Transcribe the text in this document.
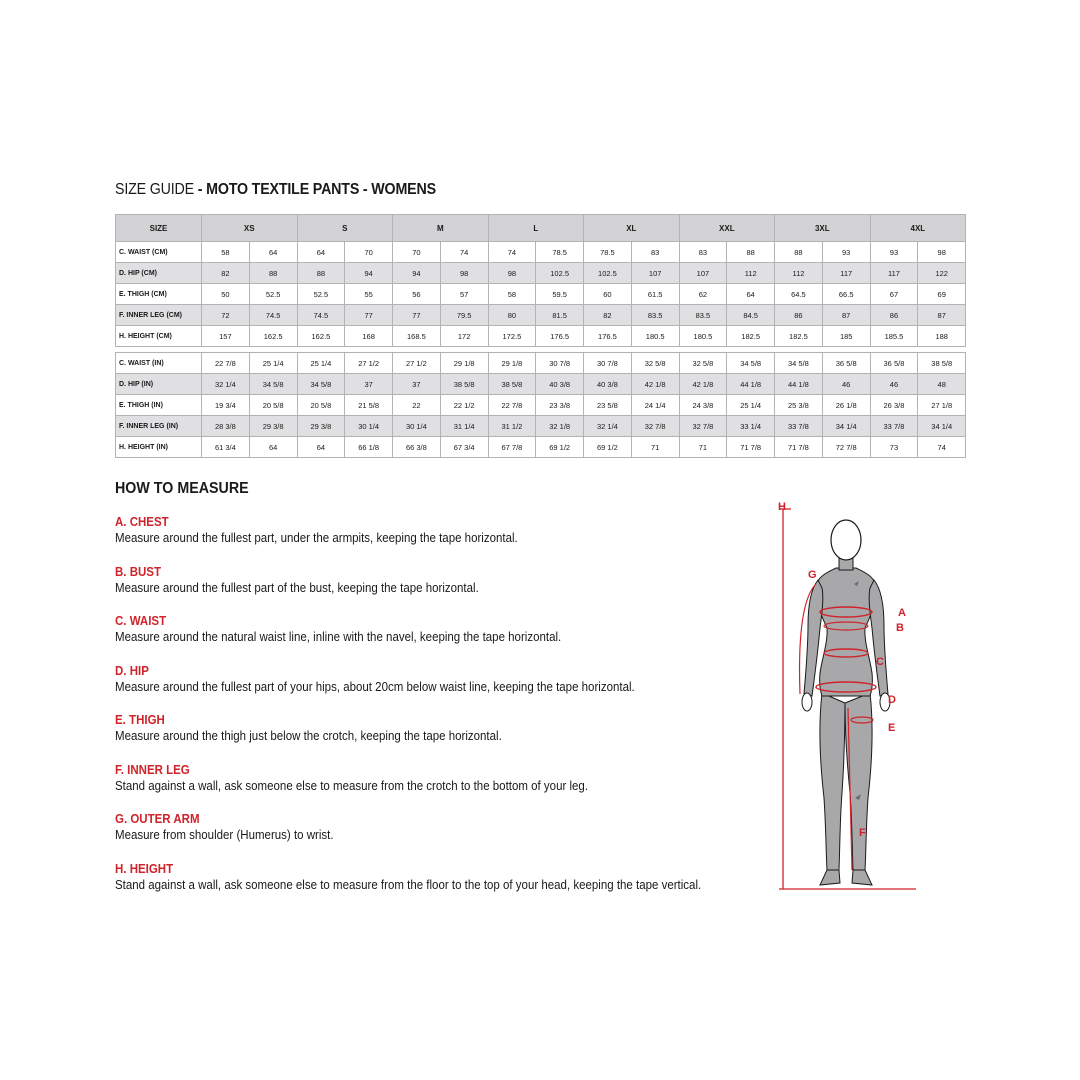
SIZE GUIDE - MOTO TEXTILE PANTS - WOMENS
SIZE	XS		S		M		L		XL		XXL		3XL		4XL	
C. WAIST (CM)	58	64	64	70	70	74	74	78.5	78.5	83	83	88	88	93	93	98
D. HIP (CM)	82	88	88	94	94	98	98	102.5	102.5	107	107	112	112	117	117	122
E. THIGH (CM)	50	52.5	52.5	55	56	57	58	59.5	60	61.5	62	64	64.5	66.5	67	69
F. INNER LEG (CM)	72	74.5	74.5	77	77	79.5	80	81.5	82	83.5	83.5	84.5	86	87	86	87
H. HEIGHT (CM)	157	162.5	162.5	168	168.5	172	172.5	176.5	176.5	180.5	180.5	182.5	182.5	185	185.5	188

C. WAIST (IN)	22 7/8	25 1/4	25 1/4	27 1/2	27 1/2	29 1/8	29 1/8	30 7/8	30 7/8	32 5/8	32 5/8	34 5/8	34 5/8	36 5/8	36 5/8	38 5/8
D. HIP (IN)	32 1/4	34 5/8	34 5/8	37	37	38 5/8	38 5/8	40 3/8	40 3/8	42 1/8	42 1/8	44 1/8	44 1/8	46	46	48
E. THIGH (IN)	19 3/4	20 5/8	20 5/8	21 5/8	22	22 1/2	22 7/8	23 3/8	23 5/8	24 1/4	24 3/8	25 1/4	25 3/8	26 1/8	26 3/8	27 1/8
F. INNER LEG (IN)	28 3/8	29 3/8	29 3/8	30 1/4	30 1/4	31 1/4	31 1/2	32 1/8	32 1/4	32 7/8	32 7/8	33 1/4	33 7/8	34 1/4	33 7/8	34 1/4
H. HEIGHT (IN)	61 3/4	64	64	66 1/8	66 3/8	67 3/4	67 7/8	69 1/2	69 1/2	71	71	71 7/8	71 7/8	72 7/8	73	74
HOW TO MEASURE
A. CHEST
Measure around the fullest part, under the armpits, keeping the tape horizontal.
B. BUST
Measure around the fullest part of the bust, keeping the tape horizontal.
C. WAIST
Measure around the natural waist line, inline with the navel, keeping the tape horizontal.
D. HIP
Measure around the fullest part of your hips, about 20cm below waist line, keeping the tape horizontal.
E. THIGH
Measure around the thigh just below the crotch, keeping the tape horizontal.
F. INNER LEG
Stand against a wall, ask someone else to measure from the crotch to the bottom of your leg.
G. OUTER ARM
Measure from shoulder (Humerus) to wrist.
H. HEIGHT
Stand against a wall, ask someone else to measure from the floor to the top of your head, keeping the tape vertical.
H
G
A
B
C
D
E
F
